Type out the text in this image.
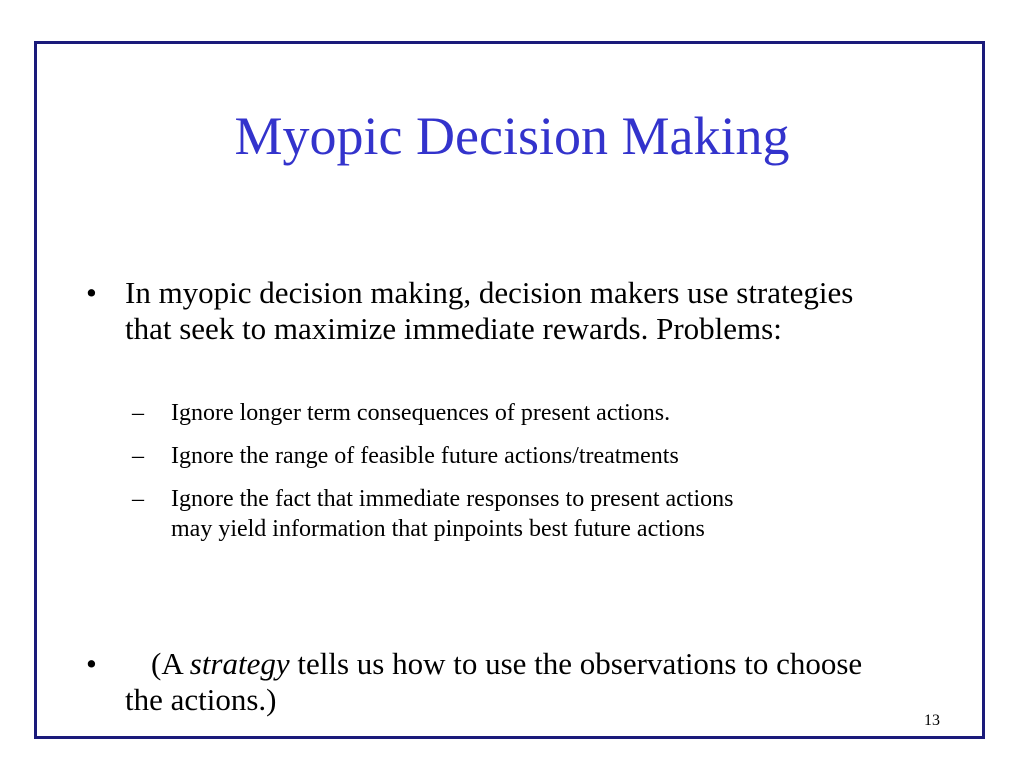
Myopic Decision Making
• In myopic decision making, decision makers use strategies
that seek to maximize immediate rewards. Problems:
– Ignore longer term consequences of present actions.
– Ignore the range of feasible future actions/treatments
– Ignore the fact that immediate responses to present actions
may yield information that pinpoints best future actions
•	(A strategy tells us how to use the observations to choose
the actions.)
13
